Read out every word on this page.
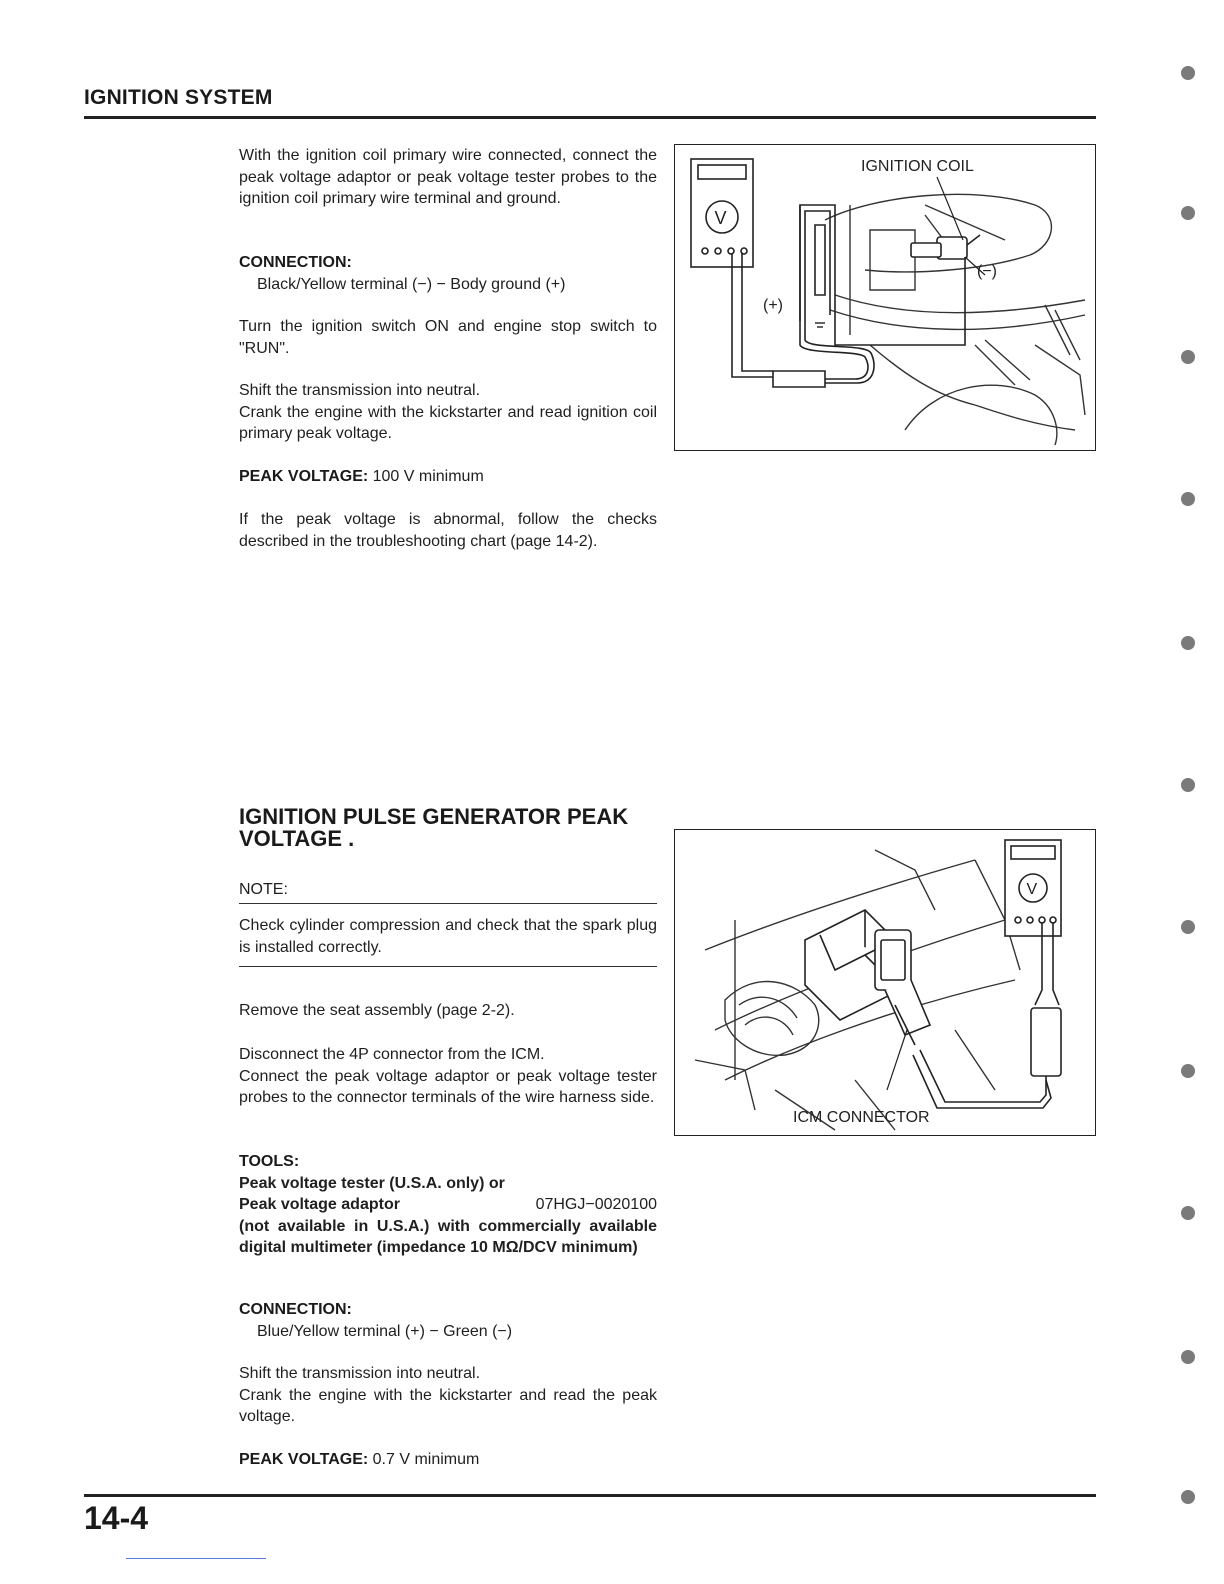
IGNITION SYSTEM
With the ignition coil primary wire connected, connect the peak voltage adaptor or peak voltage tester probes to the ignition coil primary wire terminal and ground.
CONNECTION:
Black/Yellow terminal (−) − Body ground (+)
Turn the ignition switch ON and engine stop switch to "RUN".
Shift the transmission into neutral.
Crank the engine with the kickstarter and read ignition coil primary peak voltage.
PEAK VOLTAGE: 100 V minimum
If the peak voltage is abnormal, follow the checks described in the troubleshooting chart (page 14-2).
V
IGNITION COIL
(+)
(−)
IGNITION PULSE GENERATOR PEAK VOLTAGE .
NOTE:
Check cylinder compression and check that the spark plug is installed correctly.
Remove the seat assembly (page 2-2).
Disconnect the 4P connector from the ICM.
Connect the peak voltage adaptor or peak voltage tester probes to the connector terminals of the wire harness side.
TOOLS:
Peak voltage tester (U.S.A. only) or
Peak voltage adaptor	07HGJ−0020100
(not available in U.S.A.) with commercially available digital multimeter (impedance 10 MΩ/DCV minimum)
CONNECTION:
Blue/Yellow terminal (+) − Green (−)
Shift the transmission into neutral.
Crank the engine with the kickstarter and read the peak voltage.
PEAK VOLTAGE: 0.7 V minimum
V
ICM CONNECTOR
14-4
